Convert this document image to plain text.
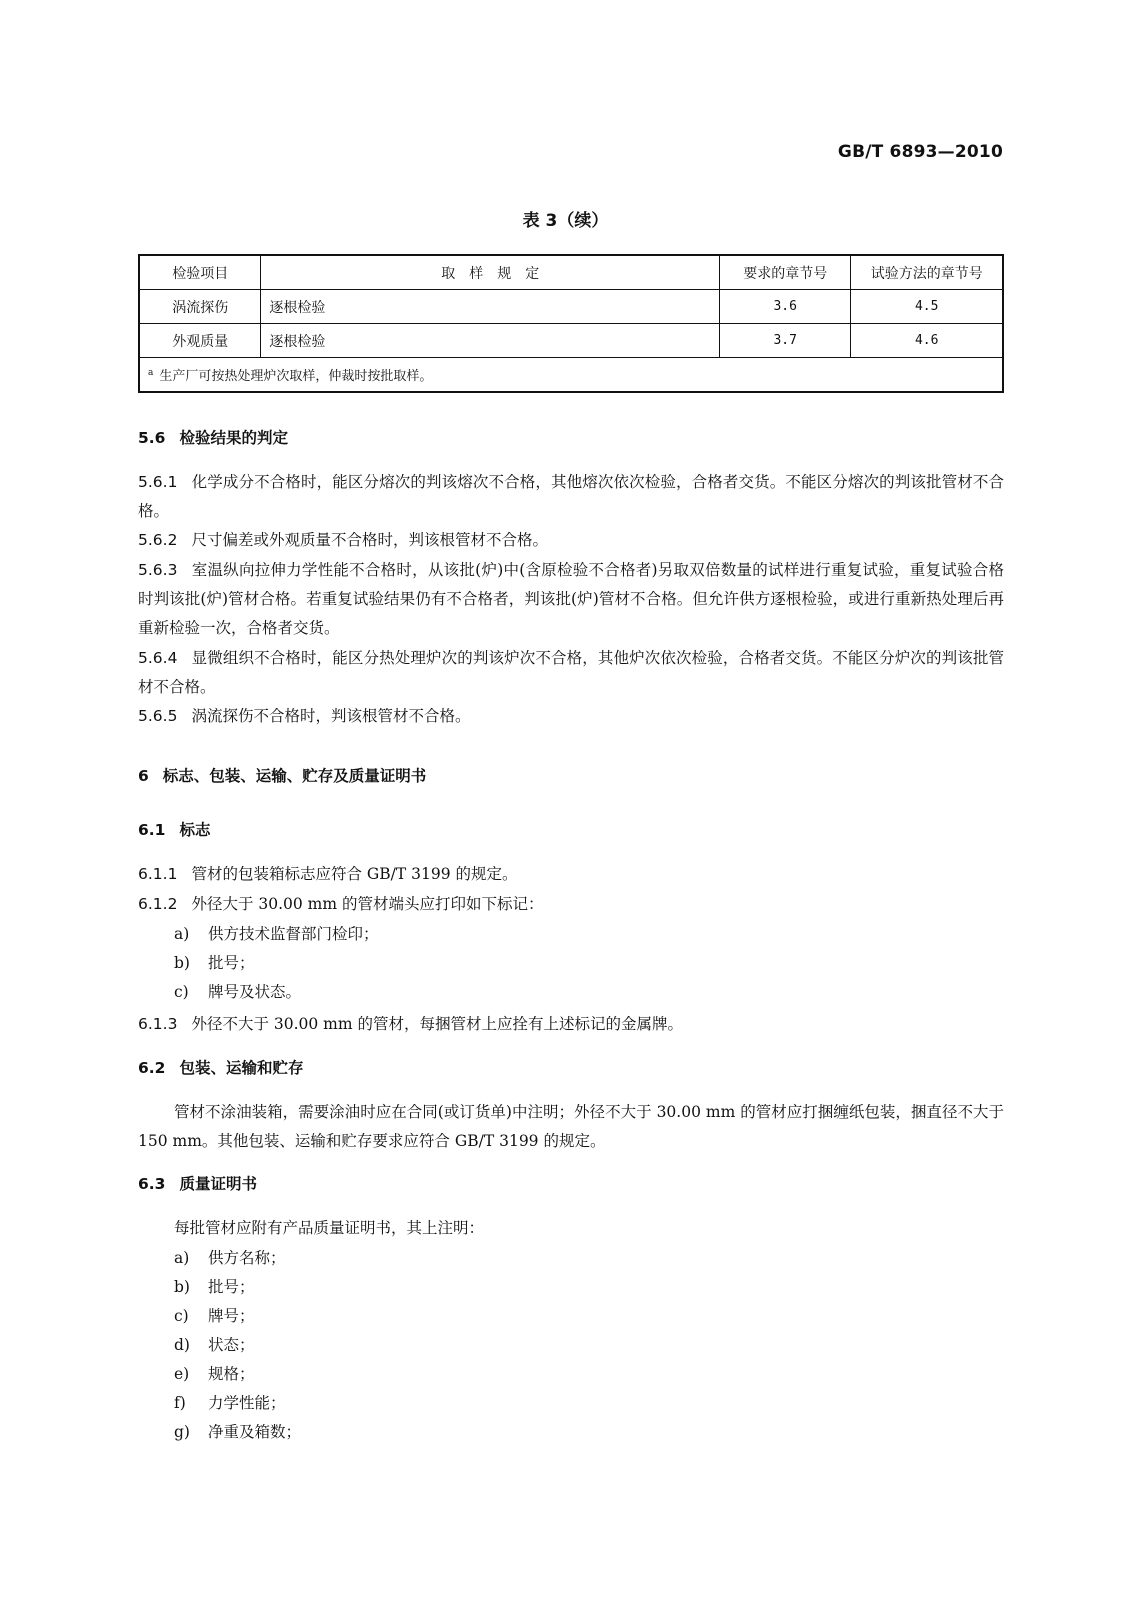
GB/T 6893—2010
表 3（续）
检验项目	取　样　规　定	要求的章节号	试验方法的章节号
涡流探伤	逐根检验	3.6	4.5
外观质量	逐根检验	3.7	4.6
$^a$ 生产厂可按热处理炉次取样，仲裁时按批取样。			

5.6 检验结果的判定

5.6.1 化学成分不合格时，能区分熔次的判该熔次不合格，其他熔次依次检验，合格者交货。不能区分熔次的判该批管材不合格。

5.6.2 尺寸偏差或外观质量不合格时，判该根管材不合格。

5.6.3 室温纵向拉伸力学性能不合格时，从该批(炉)中(含原检验不合格者)另取双倍数量的试样进行重复试验，重复试验合格时判该批(炉)管材合格。若重复试验结果仍有不合格者，判该批(炉)管材不合格。但允许供方逐根检验，或进行重新热处理后再重新检验一次，合格者交货。

5.6.4 显微组织不合格时，能区分热处理炉次的判该炉次不合格，其他炉次依次检验，合格者交货。不能区分炉次的判该批管材不合格。

5.6.5 涡流探伤不合格时，判该根管材不合格。

6 标志、包装、运输、贮存及质量证明书

6.1 标志

6.1.1 管材的包装箱标志应符合 GB/T 3199 的规定。

6.1.2 外径大于 30.00 mm 的管材端头应打印如下标记：

a) 供方技术监督部门检印；

b) 批号；

c) 牌号及状态。

6.1.3 外径不大于 30.00 mm 的管材，每捆管材上应拴有上述标记的金属牌。

6.2 包装、运输和贮存

管材不涂油装箱，需要涂油时应在合同(或订货单)中注明；外径不大于 30.00 mm 的管材应打捆缠纸包装，捆直径不大于 150 mm。其他包装、运输和贮存要求应符合 GB/T 3199 的规定。

6.3 质量证明书

每批管材应附有产品质量证明书，其上注明：

a) 供方名称；

b) 批号；

c) 牌号；

d) 状态；

e) 规格；

f) 力学性能；

g) 净重及箱数；
